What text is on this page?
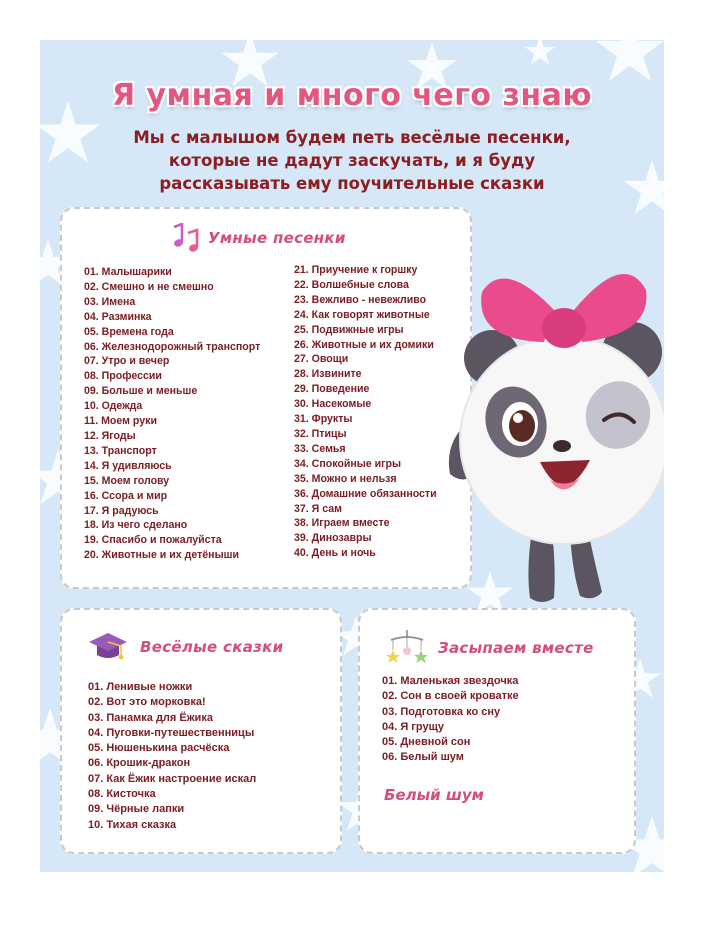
Я умная и много чего знаю

Мы с малышом будем петь весёлые песенки,
которые не дадут заскучать, и я буду
рассказывать ему поучительные сказки

Умные песенки
01. Малышарики
02. Смешно и не смешно
03. Имена
04. Разминка
05. Времена года
06. Железнодорожный транспорт
07. Утро и вечер
08. Профессии
09. Больше и меньше
10. Одежда
11. Моем руки
12. Ягоды
13. Транспорт
14. Я удивляюсь
15. Моем голову
16. Ссора и мир
17. Я радуюсь
18. Из чего сделано
19. Спасибо и пожалуйста
20. Животные и их детёныши
21. Приучение к горшку
22. Волшебные слова
23. Вежливо - невежливо
24. Как говорят животные
25. Подвижные игры
26. Животные и их домики
27. Овощи
28. Извините
29. Поведение
30. Насекомые
31. Фрукты
32. Птицы
33. Семья
34. Спокойные игры
35. Можно и нельзя
36. Домашние обязанности
37. Я сам
38. Играем вместе
39. Динозавры
40. День и ночь
Весёлые сказки
01. Ленивые ножки
02. Вот это морковка!
03. Панамка для Ёжика
04. Пуговки-путешественницы
05. Нюшенькина расчёска
06. Крошик-дракон
07. Как Ёжик настроение искал
08. Кисточка
09. Чёрные лапки
10. Тихая сказка
Засыпаем вместе
01. Маленькая звездочка
02. Сон в своей кроватке
03. Подготовка ко сну
04. Я грущу
05. Дневной сон
06. Белый шум
Белый шум
